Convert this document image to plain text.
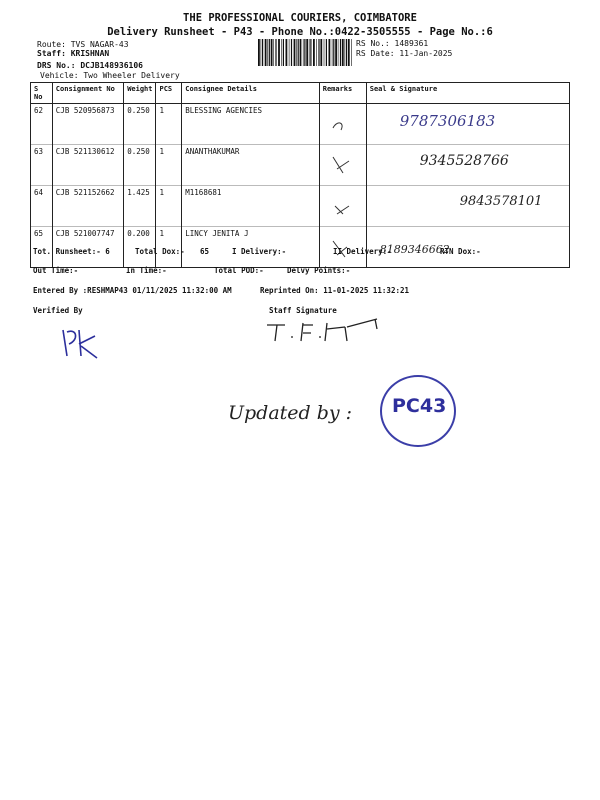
THE PROFESSIONAL COURIERS, COIMBATORE
Delivery Runsheet - P43 - Phone No.:0422-3505555 - Page No.:6
Route: TVS NAGAR-43
Staff: KRISHNAN
DRS No.: DCJB148936106
Vehicle: Two Wheeler Delivery
RS No.: 1489361
RS Date: 11-Jan-2025
S No	Consignment No	Weight	PCS	Consignee Details	Remarks	Seal & Signature
62	CJB 520956873	0.250	1	BLESSING AGENCIES		9787306183

63	CJB 521130612	0.250	1	ANANTHAKUMAR		9345528766

64	CJB 521152662	1.425	1	M1168681		9843578101

65	CJB 521007747	0.200	1	LINCY JENITA J		8189346662
Tot. Runsheet:- 6	Total Dox:- 65	I Delivery:-	II Delivery:-	RTN Dox:-
Out Time:-	In Time:-	Total POD:-	Delvy Points:-
Entered By :RESHMAP43 01/11/2025 11:32:00 AM	Reprinted On: 11-01-2025 11:32:21
Verified By	Staff Signature
Updated by : PC43
